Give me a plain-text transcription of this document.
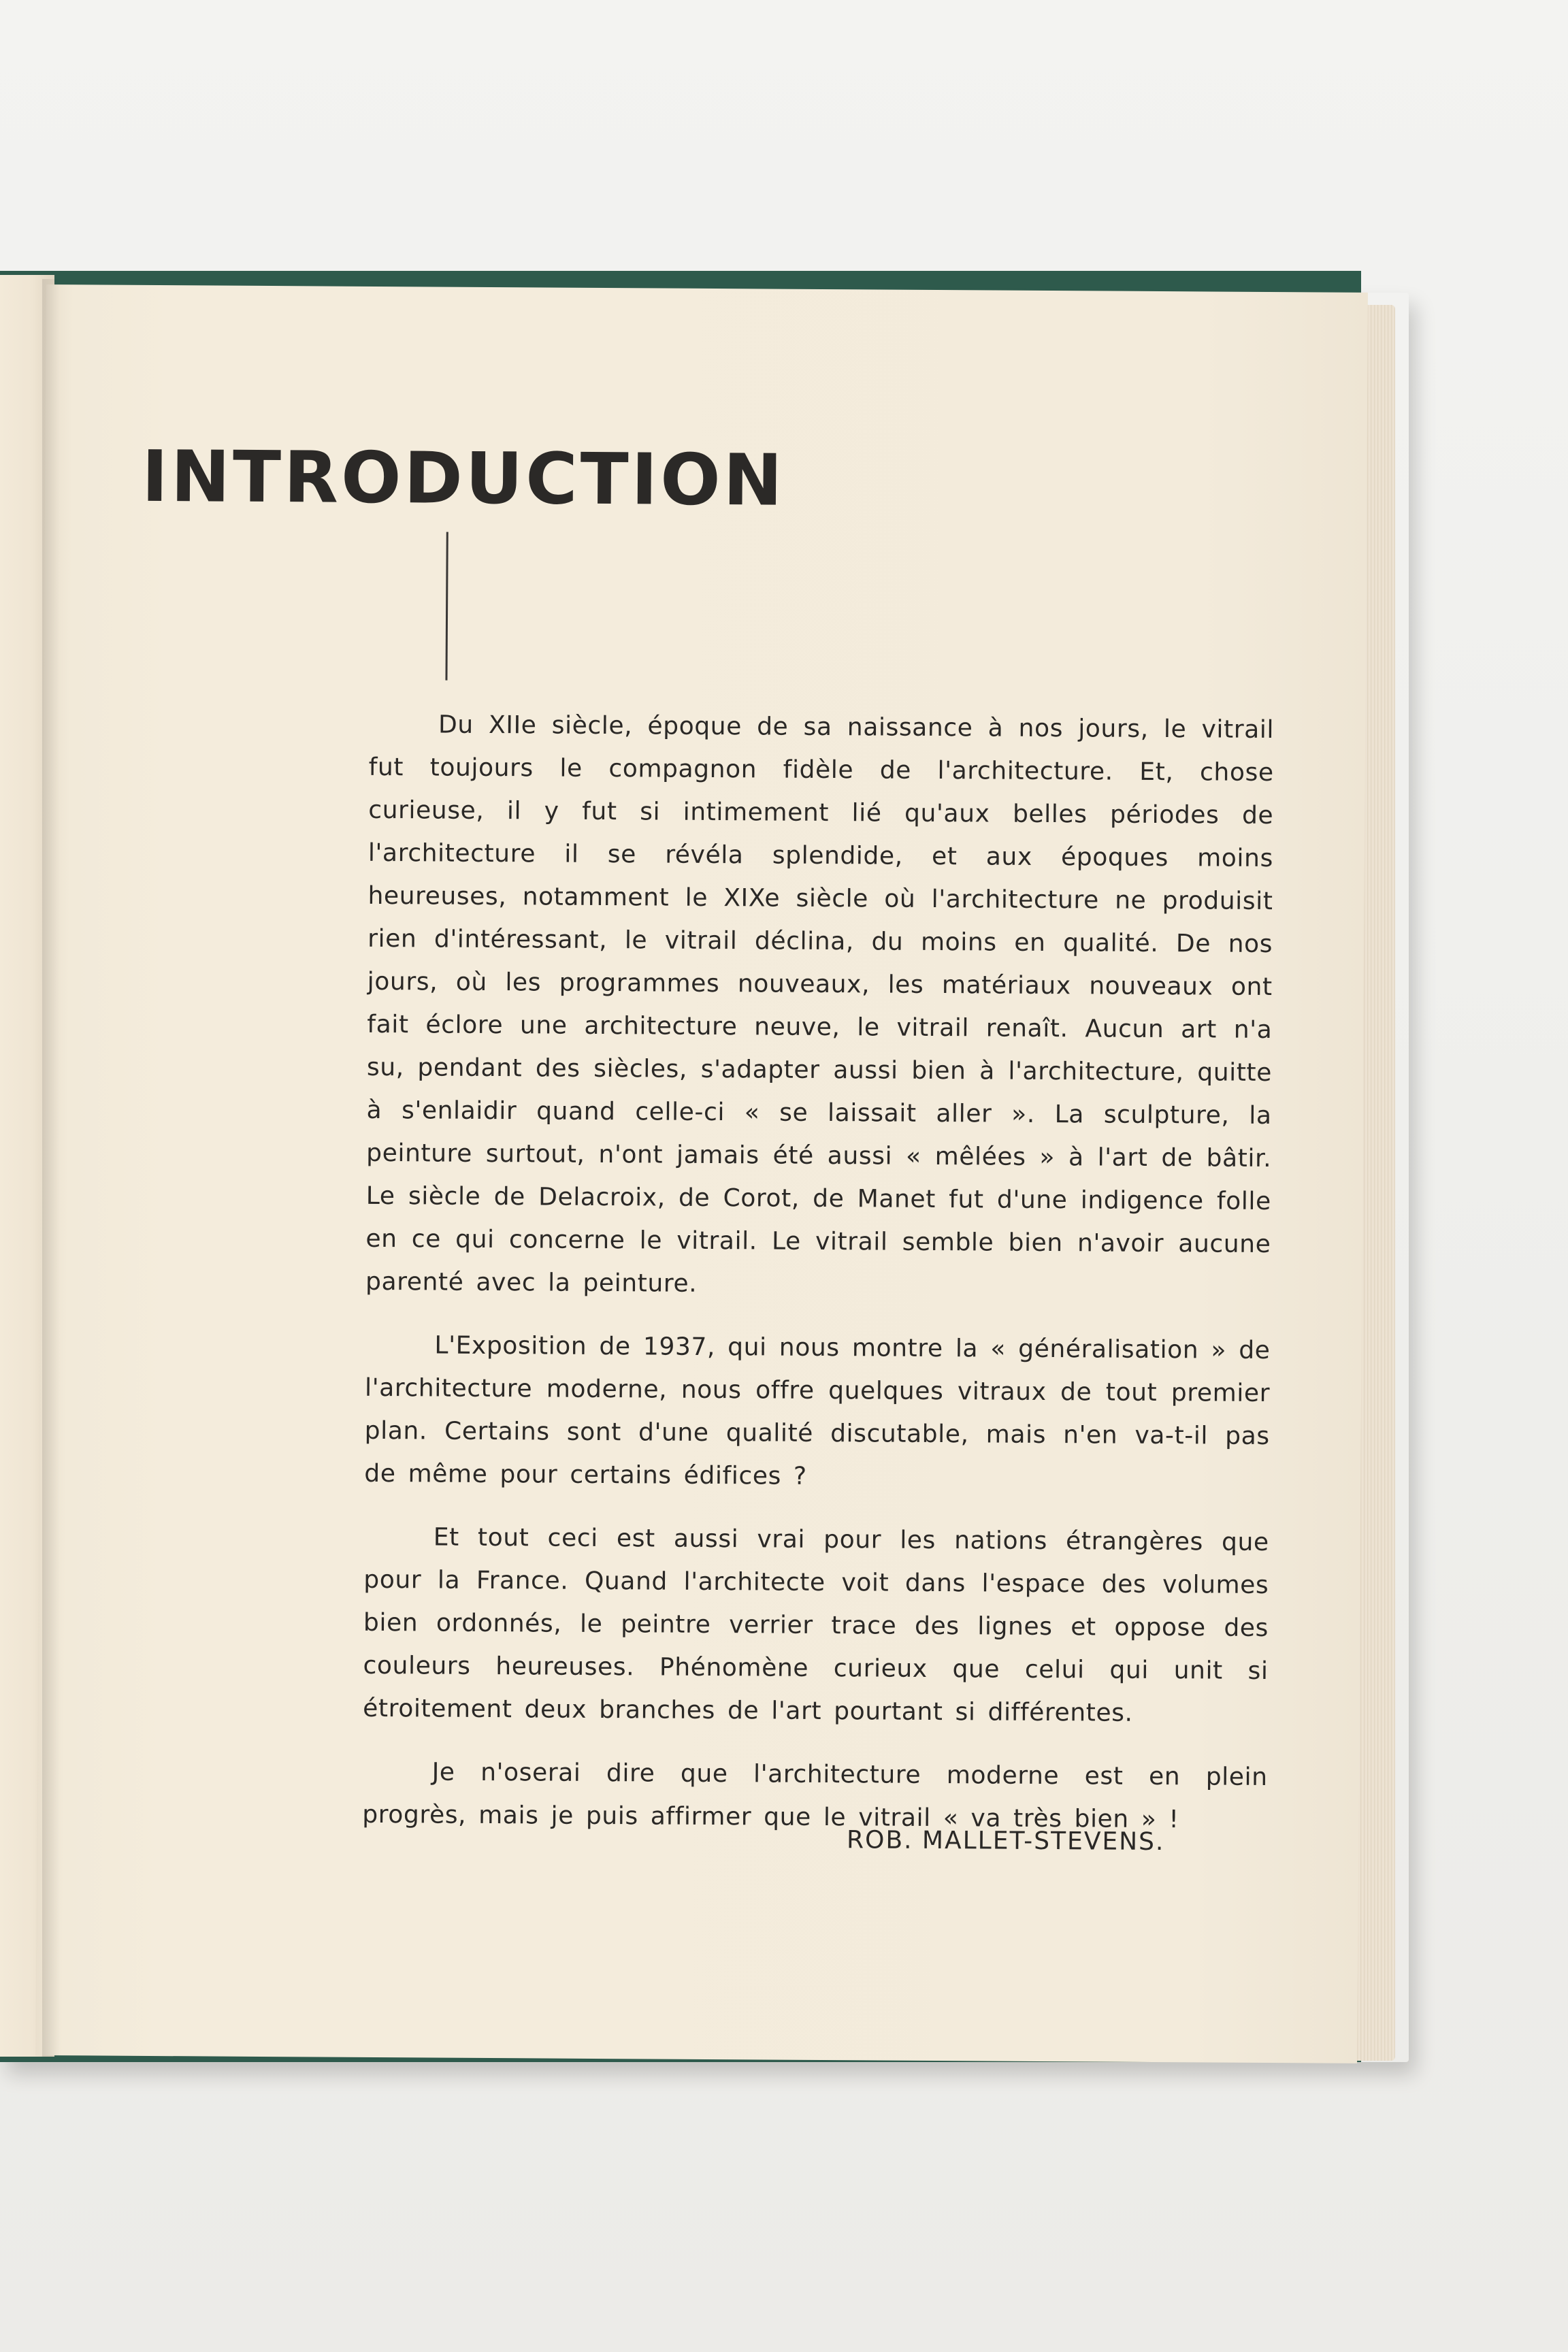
INTRODUCTION

Du XIIe siècle, époque de sa naissance à nos jours, le vitrail fut toujours le compagnon fidèle de l'architecture. Et, chose curieuse, il y fut si intimement lié qu'aux belles périodes de l'architecture il se révéla splendide, et aux époques moins heureuses, notamment le XIXe siècle où l'architecture ne produisit rien d'intéressant, le vitrail déclina, du moins en qualité. De nos jours, où les programmes nouveaux, les matériaux nouveaux ont fait éclore une architecture neuve, le vitrail renaît. Aucun art n'a su, pendant des siècles, s'adapter aussi bien à l'architecture, quitte à s'enlaidir quand celle-ci « se laissait aller ». La sculpture, la peinture surtout, n'ont jamais été aussi « mêlées » à l'art de bâtir. Le siècle de Delacroix, de Corot, de Manet fut d'une indigence folle en ce qui concerne le vitrail. Le vitrail semble bien n'avoir aucune parenté avec la peinture.

L'Exposition de 1937, qui nous montre la « généralisation » de l'architecture moderne, nous offre quelques vitraux de tout premier plan. Certains sont d'une qualité discutable, mais n'en va-t-il pas de même pour certains édifices ?

Et tout ceci est aussi vrai pour les nations étrangères que pour la France. Quand l'architecte voit dans l'espace des volumes bien ordonnés, le peintre verrier trace des lignes et oppose des couleurs heureuses. Phénomène curieux que celui qui unit si étroitement deux branches de l'art pourtant si différentes.

Je n'oserai dire que l'architecture moderne est en plein progrès, mais je puis affirmer que le vitrail « va très bien » !

ROB. MALLET-STEVENS.
